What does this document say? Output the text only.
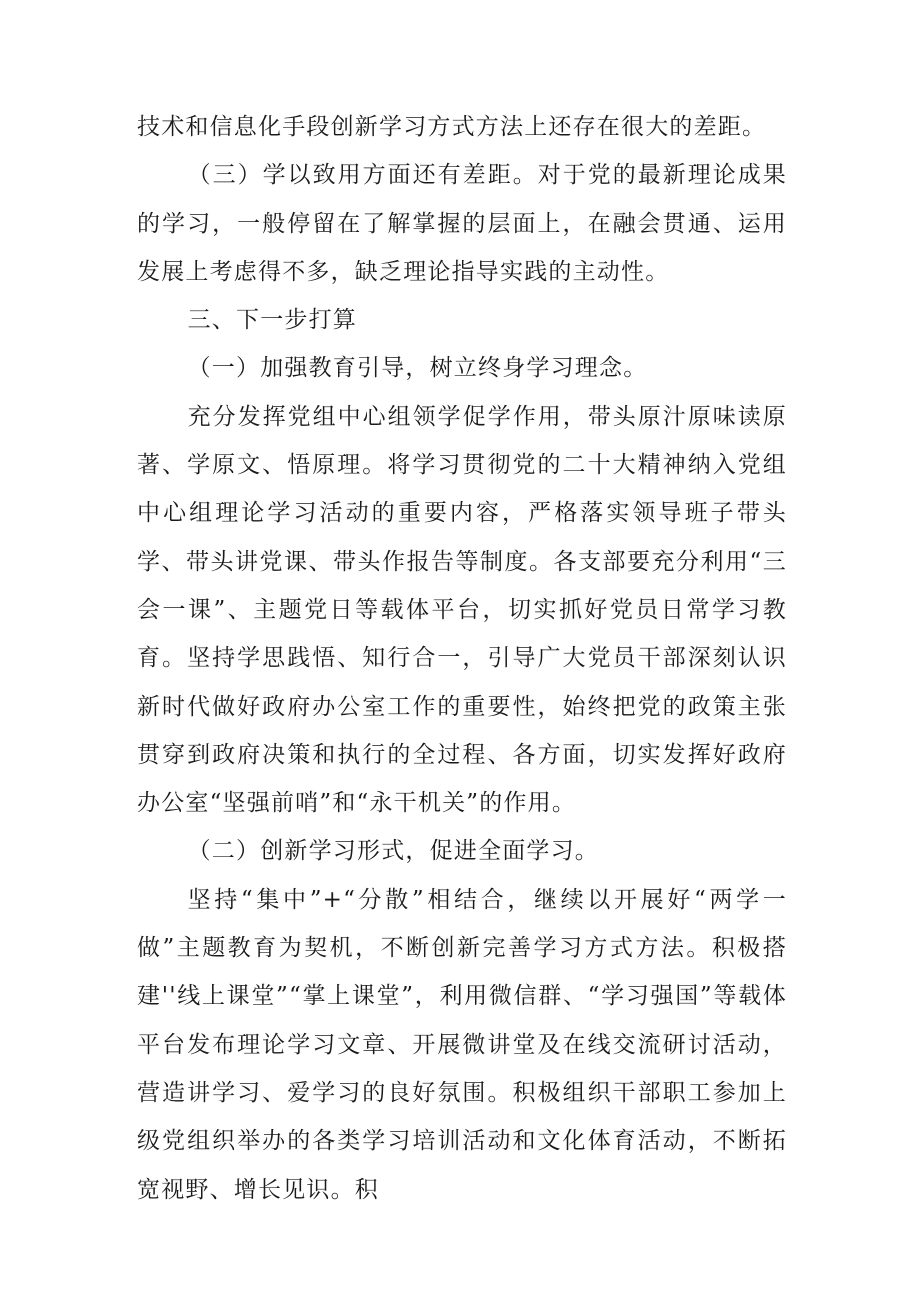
技术和信息化手段创新学习方式方法上还存在很大的差距。

（三）学以致用方面还有差距。对于党的最新理论成果的学习，一般停留在了解掌握的层面上，在融会贯通、运用发展上考虑得不多，缺乏理论指导实践的主动性。

三、下一步打算

（一）加强教育引导，树立终身学习理念。

充分发挥党组中心组领学促学作用，带头原汁原味读原著、学原文、悟原理。将学习贯彻党的二十大精神纳入党组中心组理论学习活动的重要内容，严格落实领导班子带头学、带头讲党课、带头作报告等制度。各支部要充分利用“三会一课”、主题党日等载体平台，切实抓好党员日常学习教育。坚持学思践悟、知行合一，引导广大党员干部深刻认识新时代做好政府办公室工作的重要性，始终把党的政策主张贯穿到政府决策和执行的全过程、各方面，切实发挥好政府办公室“坚强前哨”和“永干机关”的作用。

（二）创新学习形式，促进全面学习。

坚持“集中”+“分散”相结合，继续以开展好“两学一做”主题教育为契机，不断创新完善学习方式方法。积极搭建''线上课堂”“掌上课堂”，利用微信群、“学习强国”等载体平台发布理论学习文章、开展微讲堂及在线交流研讨活动，营造讲学习、爱学习的良好氛围。积极组织干部职工参加上级党组织举办的各类学习培训活动和文化体育活动，不断拓宽视野、增长见识。积
